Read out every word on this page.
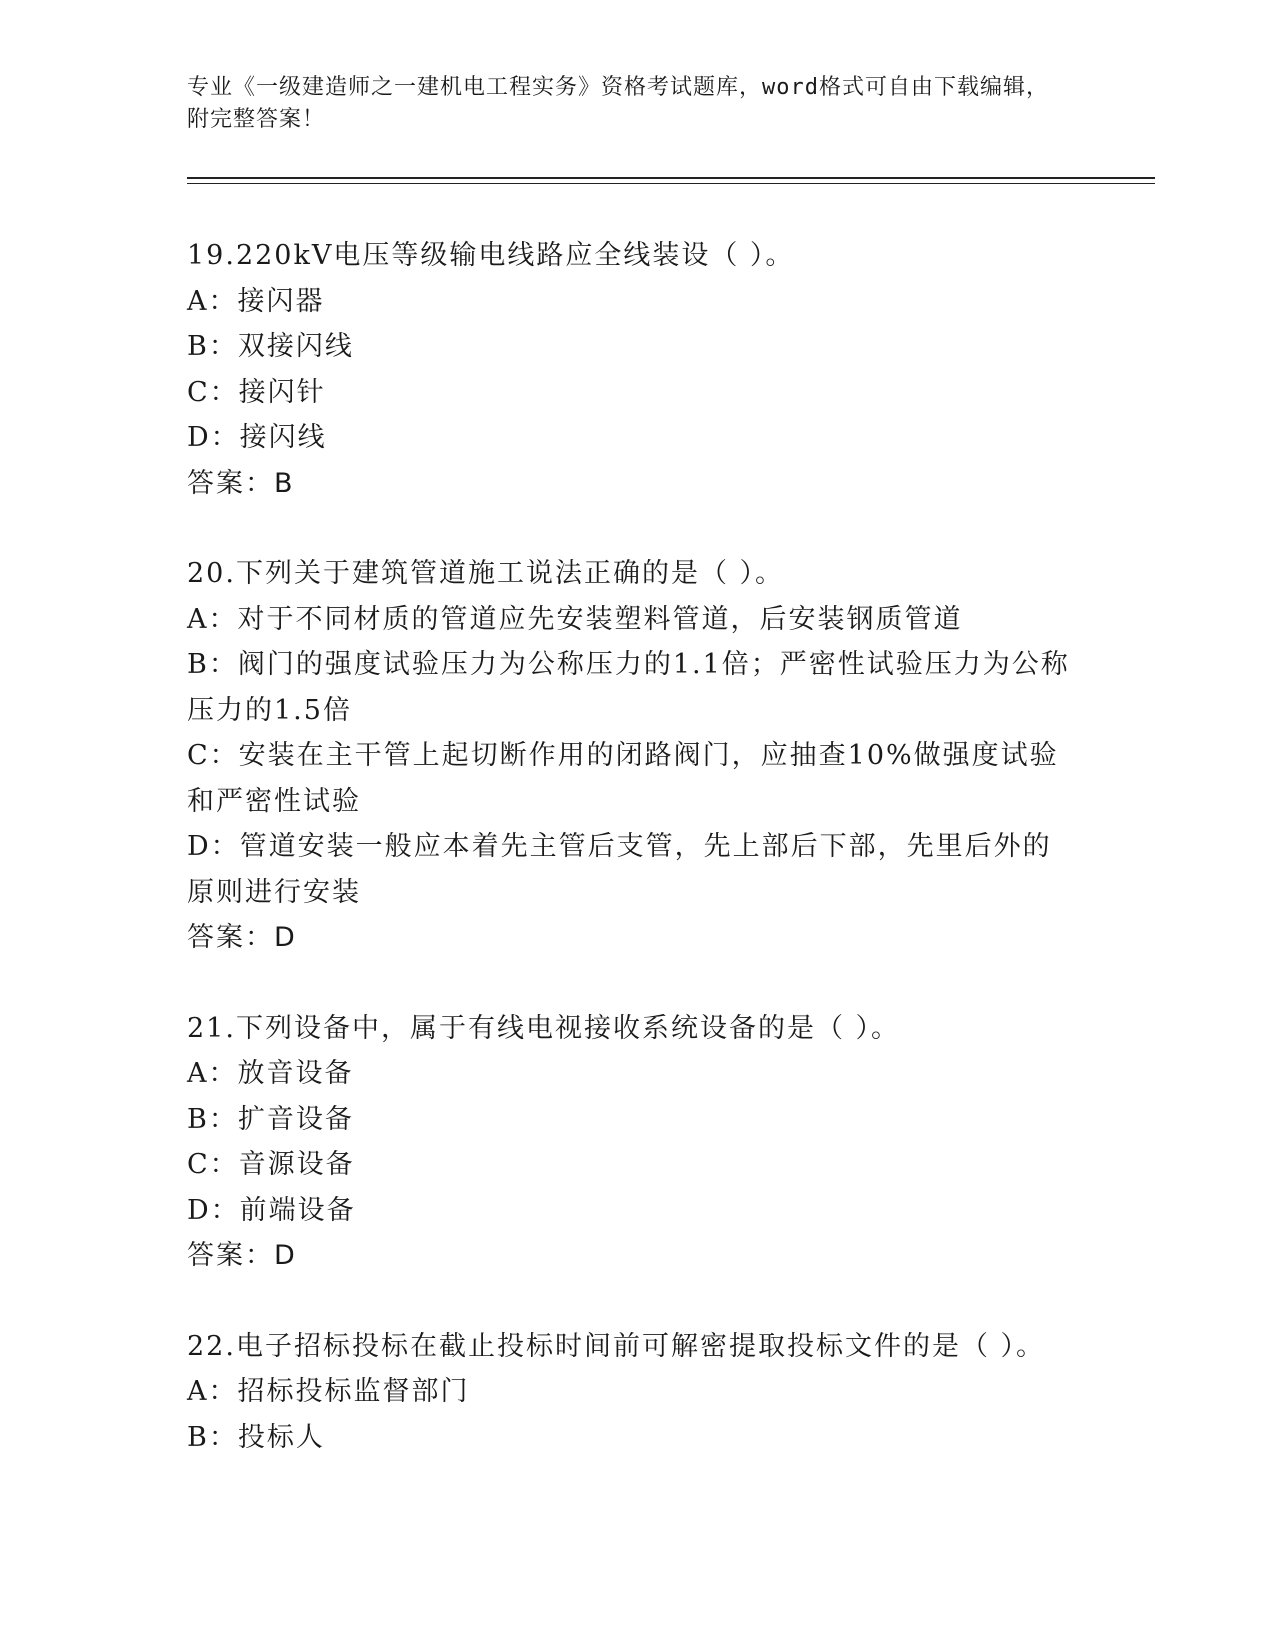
专业《一级建造师之一建机电工程实务》资格考试题库，word格式可自由下载编辑，附完整答案！
19.220kV电压等级输电线路应全线装设（ ）。
A：接闪器
B：双接闪线
C：接闪针
D：接闪线
答案：B
20.下列关于建筑管道施工说法正确的是（ ）。
A：对于不同材质的管道应先安装塑料管道，后安装钢质管道
B：阀门的强度试验压力为公称压力的1.1倍；严密性试验压力为公称压力的1.5倍
C：安装在主干管上起切断作用的闭路阀门，应抽查10%做强度试验和严密性试验
D：管道安装一般应本着先主管后支管，先上部后下部，先里后外的原则进行安装
答案：D
21.下列设备中，属于有线电视接收系统设备的是（ ）。
A：放音设备
B：扩音设备
C：音源设备
D：前端设备
答案：D
22.电子招标投标在截止投标时间前可解密提取投标文件的是（ ）。
A：招标投标监督部门
B：投标人
